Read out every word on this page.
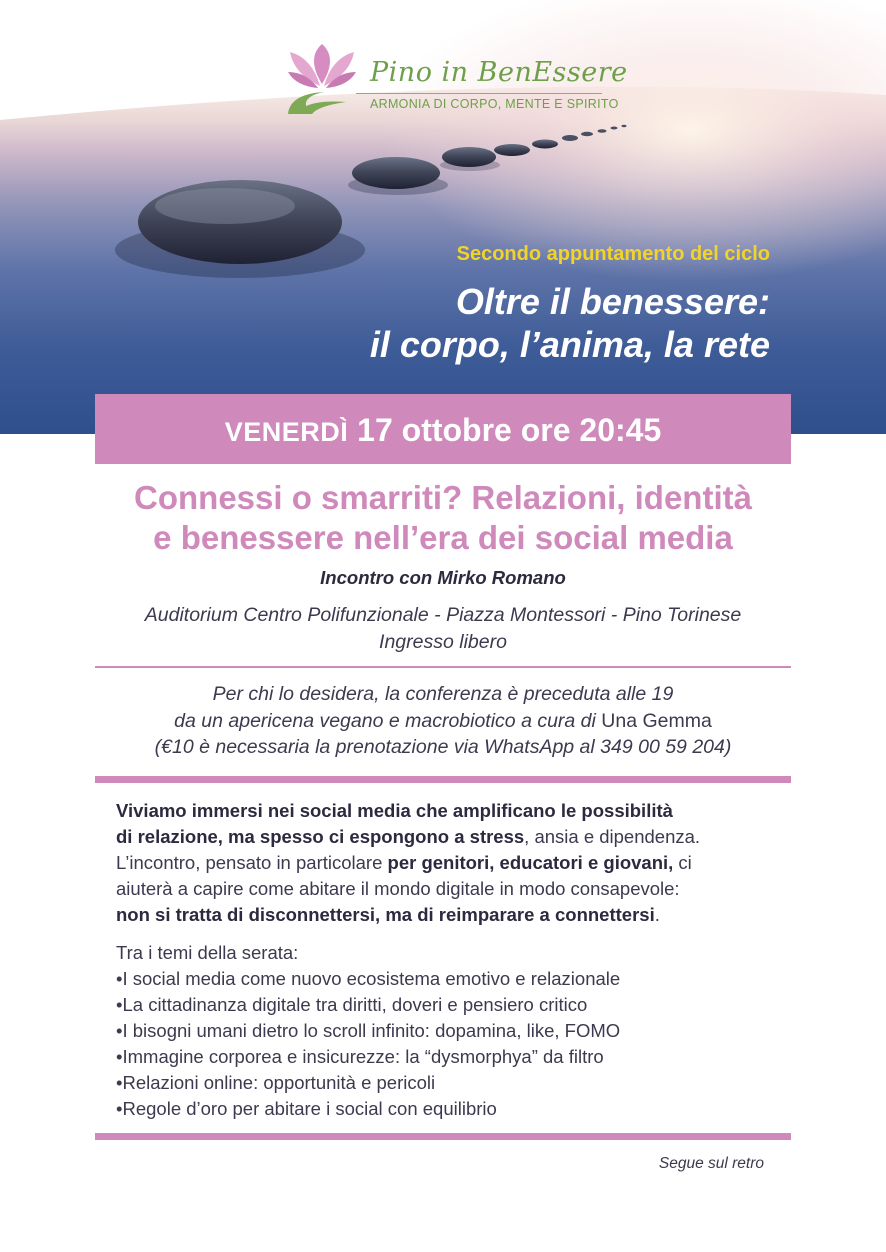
Pino in BenEssere
ARMONIA DI CORPO, MENTE E SPIRITO
Secondo appuntamento del ciclo
Oltre il benessere:
il corpo, l’anima, la rete
VENERDÌ 17 ottobre ore 20:45
Connessi o smarriti? Relazioni, identità
e benessere nell’era dei social media
Incontro con Mirko Romano
Auditorium Centro Polifunzionale - Piazza Montessori - Pino Torinese
Ingresso libero
Per chi lo desidera, la conferenza è preceduta alle 19
da un apericena vegano e macrobiotico a cura di Una Gemma
(€10 è necessaria la prenotazione via WhatsApp al 349 00 59 204)
Viviamo immersi nei social media che amplificano le possibilità
di relazione, ma spesso ci espongono a stress, ansia e dipendenza.
L’incontro, pensato in particolare per genitori, educatori e giovani, ci
aiuterà a capire come abitare il mondo digitale in modo consapevole:
non si tratta di disconnettersi, ma di reimparare a connettersi.
Tra i temi della serata:
•I social media come nuovo ecosistema emotivo e relazionale
•La cittadinanza digitale tra diritti, doveri e pensiero critico
•I bisogni umani dietro lo scroll infinito: dopamina, like, FOMO
•Immagine corporea e insicurezze: la “dysmorphya” da filtro
•Relazioni online: opportunità e pericoli
•Regole d’oro per abitare i social con equilibrio
Segue sul retro
